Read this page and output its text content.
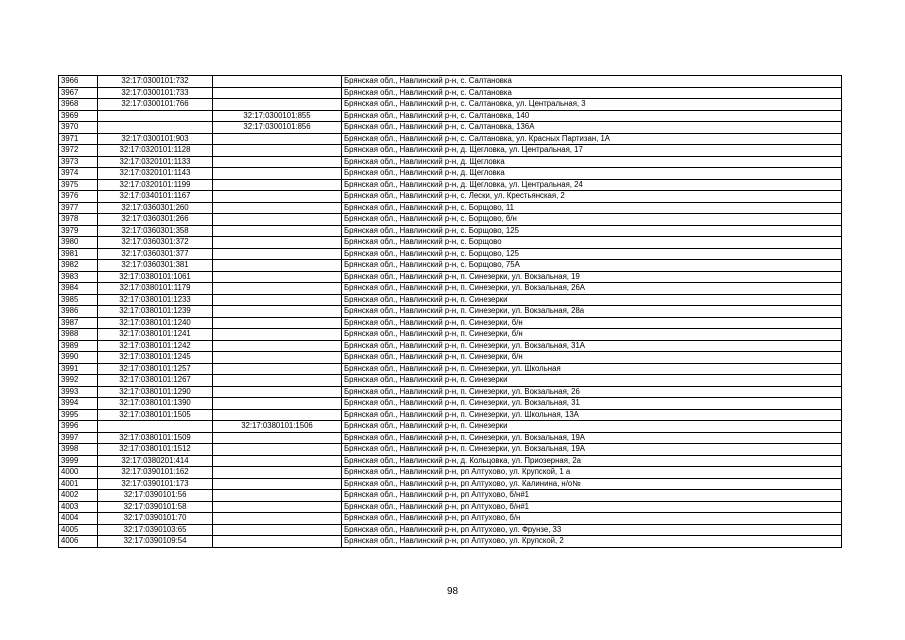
3966	32:17:0300101:732		Брянская обл., Навлинский р-н, с. Салтановка
3967	32:17:0300101:733		Брянская обл., Навлинский р-н, с. Салтановка
3968	32:17:0300101:766		Брянская обл., Навлинский р-н, с. Салтановка, ул. Центральная, 3
3969		32:17:0300101:855	Брянская обл., Навлинский р-н, с. Салтановка, 140
3970		32:17:0300101:856	Брянская обл., Навлинский р-н, с. Салтановка, 136А
3971	32:17:0300101:903		Брянская обл., Навлинский р-н, с. Салтановка, ул. Красных Партизан, 1А
3972	32:17:0320101:1128		Брянская обл., Навлинский р-н, д. Щегловка, ул. Центральная, 17
3973	32:17:0320101:1133		Брянская обл., Навлинский р-н, д. Щегловка
3974	32:17:0320101:1143		Брянская обл., Навлинский р-н, д. Щегловка
3975	32:17:0320101:1199		Брянская обл., Навлинский р-н, д. Щегловка, ул. Центральная, 24
3976	32:17:0340101:1167		Брянская обл., Навлинский р-н, с. Лески, ул. Крестьянская, 2
3977	32:17:0360301:260		Брянская обл., Навлинский р-н, с. Борщово, 11
3978	32:17:0360301:266		Брянская обл., Навлинский р-н, с. Борщово, б/н
3979	32:17:0360301:358		Брянская обл., Навлинский р-н, с. Борщово, 125
3980	32:17:0360301:372		Брянская обл., Навлинский р-н, с. Борщово
3981	32:17:0360301:377		Брянская обл., Навлинский р-н, с. Борщово, 125
3982	32:17:0360301:381		Брянская обл., Навлинский р-н, с. Борщово, 75А
3983	32:17:0380101:1061		Брянская обл., Навлинский р-н, п. Синезерки, ул. Вокзальная, 19
3984	32:17:0380101:1179		Брянская обл., Навлинский р-н, п. Синезерки, ул. Вокзальная, 26А
3985	32:17:0380101:1233		Брянская обл., Навлинский р-н, п. Синезерки
3986	32:17:0380101:1239		Брянская обл., Навлинский р-н, п. Синезерки, ул. Вокзальная, 28а
3987	32:17:0380101:1240		Брянская обл., Навлинский р-н, п. Синезерки, б/н
3988	32:17:0380101:1241		Брянская обл., Навлинский р-н, п. Синезерки, б/н
3989	32:17:0380101:1242		Брянская обл., Навлинский р-н, п. Синезерки, ул. Вокзальная, 31А
3990	32:17:0380101:1245		Брянская обл., Навлинский р-н, п. Синезерки, б/н
3991	32:17:0380101:1257		Брянская обл., Навлинский р-н, п. Синезерки, ул. Школьная
3992	32:17:0380101:1267		Брянская обл., Навлинский р-н, п. Синезерки
3993	32:17:0380101:1290		Брянская обл., Навлинский р-н, п. Синезерки, ул. Вокзальная, 26
3994	32:17:0380101:1390		Брянская обл., Навлинский р-н, п. Синезерки, ул. Вокзальная, 31
3995	32:17:0380101:1505		Брянская обл., Навлинский р-н, п. Синезерки, ул. Школьная, 13А
3996		32:17:0380101:1506	Брянская обл., Навлинский р-н, п. Синезерки
3997	32:17:0380101:1509		Брянская обл., Навлинский р-н, п. Синезерки, ул. Вокзальная, 19А
3998	32:17:0380101:1512		Брянская обл., Навлинский р-н, п. Синезерки, ул. Вокзальная, 19А
3999	32:17:0380201:414		Брянская обл., Навлинский р-н, д. Кольцовка, ул. Приозерная, 2а
4000	32:17:0390101:162		Брянская обл., Навлинский р-н, рп Алтухово, ул. Крупской, 1 а
4001	32:17:0390101:173		Брянская обл., Навлинский р-н, рп Алтухово, ул. Калинина, н/о№
4002	32:17:0390101:56		Брянская обл., Навлинский р-н, рп Алтухово, б/н#1
4003	32:17:0390101:58		Брянская обл., Навлинский р-н, рп Алтухово, б/н#1
4004	32:17:0390101:70		Брянская обл., Навлинский р-н, рп Алтухово, б/н
4005	32:17:0390103:65		Брянская обл., Навлинский р-н, рп Алтухово, ул. Фрунзе, 33
4006	32:17:0390109:54		Брянская обл., Навлинский р-н, рп Алтухово, ул. Крупской, 2
98
